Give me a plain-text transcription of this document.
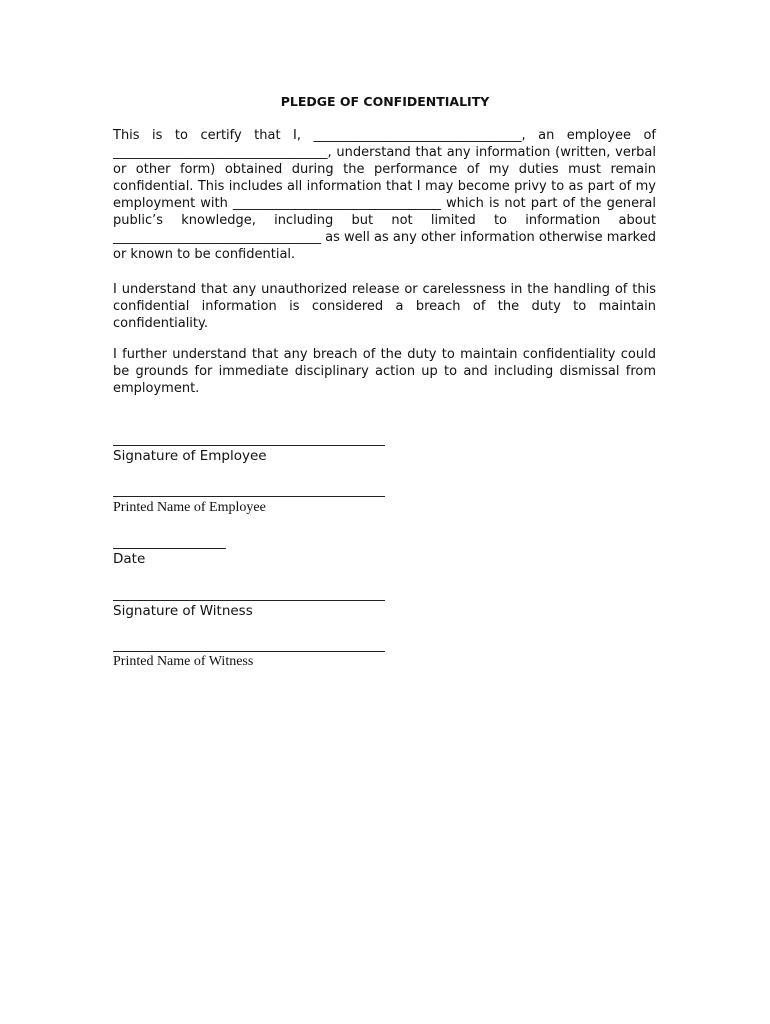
PLEDGE OF CONFIDENTIALITY
This is to certify that I, ________________________________, an employee of _________________________________, understand that any information (written, verbal or other form) obtained during the performance of my duties must remain confidential. This includes all information that I may become privy to as part of my employment with ________________________________ which is not part of the general public’s knowledge, including but not limited to information about ________________________________ as well as any other information otherwise marked or known to be confidential.
I understand that any unauthorized release or carelessness in the handling of this confidential information is considered a breach of the duty to maintain confidentiality.
I further understand that any breach of the duty to maintain confidentiality could be grounds for immediate disciplinary action up to and including dismissal from employment.
Signature of Employee
Printed Name of Employee
Date
Signature of Witness
Printed Name of Witness
